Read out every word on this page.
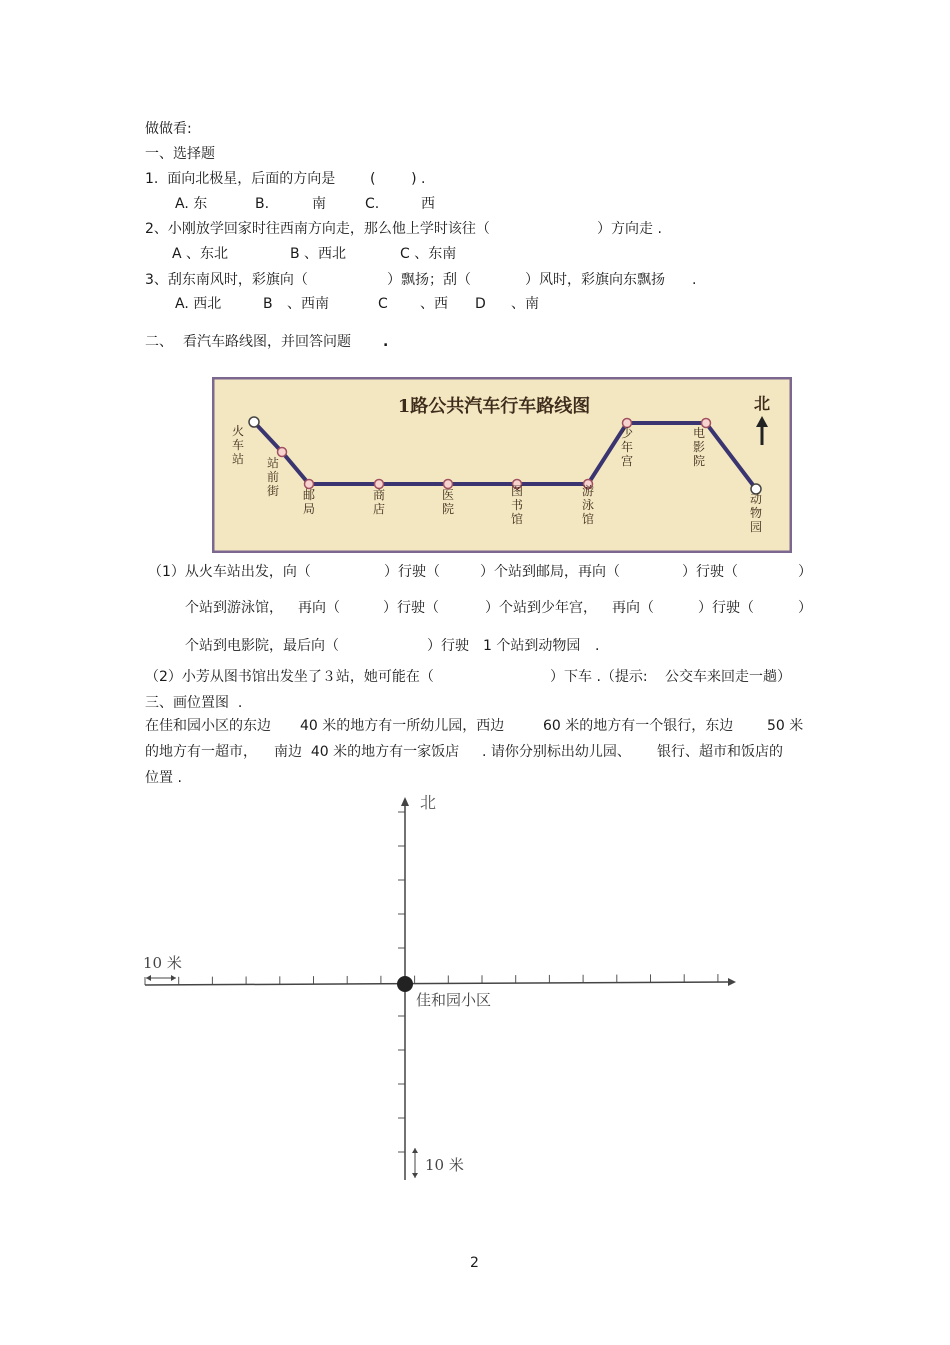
做做看:
一、选择题

1.  面向北极星，后面的方向是

(        ) .

A. 东

	B.

	南

	C.

	西

2、小刚放学回家时往西南方向走，那么他上学时该往（

	）方向走 .

A 、东北

	B 、西北

	C 、东南

3、刮东南风时，彩旗向（

	）飘扬；刮（

	）风时，彩旗向东飘扬

.

A. 西北

	B

、西南

	C

、西

D

、南

二、

看汽车路线图，并回答问题

.

1路公共汽车行车路线图	北
火车站 站前街 邮局
商店
医院
图书馆
游泳馆
少年宫
电影院
动物园

（1）从火车站出发，向（

	）行驶（

	）个站到邮局，再向（

	）行驶（

	）

个站到游泳馆，

再向（

	）行驶（

	）个站到少年宫，

再向（

	）行驶（

	）

个站到电影院，最后向（

	）行驶

1 个站到动物园

.

（2）小芳从图书馆出发坐了３站，她可能在（

	）下车 .（提示:

公交车来回走一趟）

三、画位置图  .

在佳和园小区的东边

40 米的地方有一所幼儿园，西边

	60 米的地方有一个银行，东边

50 米

的地方有一超市，

南边  40 米的地方有一家饭店

. 请你分别标出幼儿园、

银行、超市和饭店的

位置 .
北
10 米
10 米
佳和园小区
2
